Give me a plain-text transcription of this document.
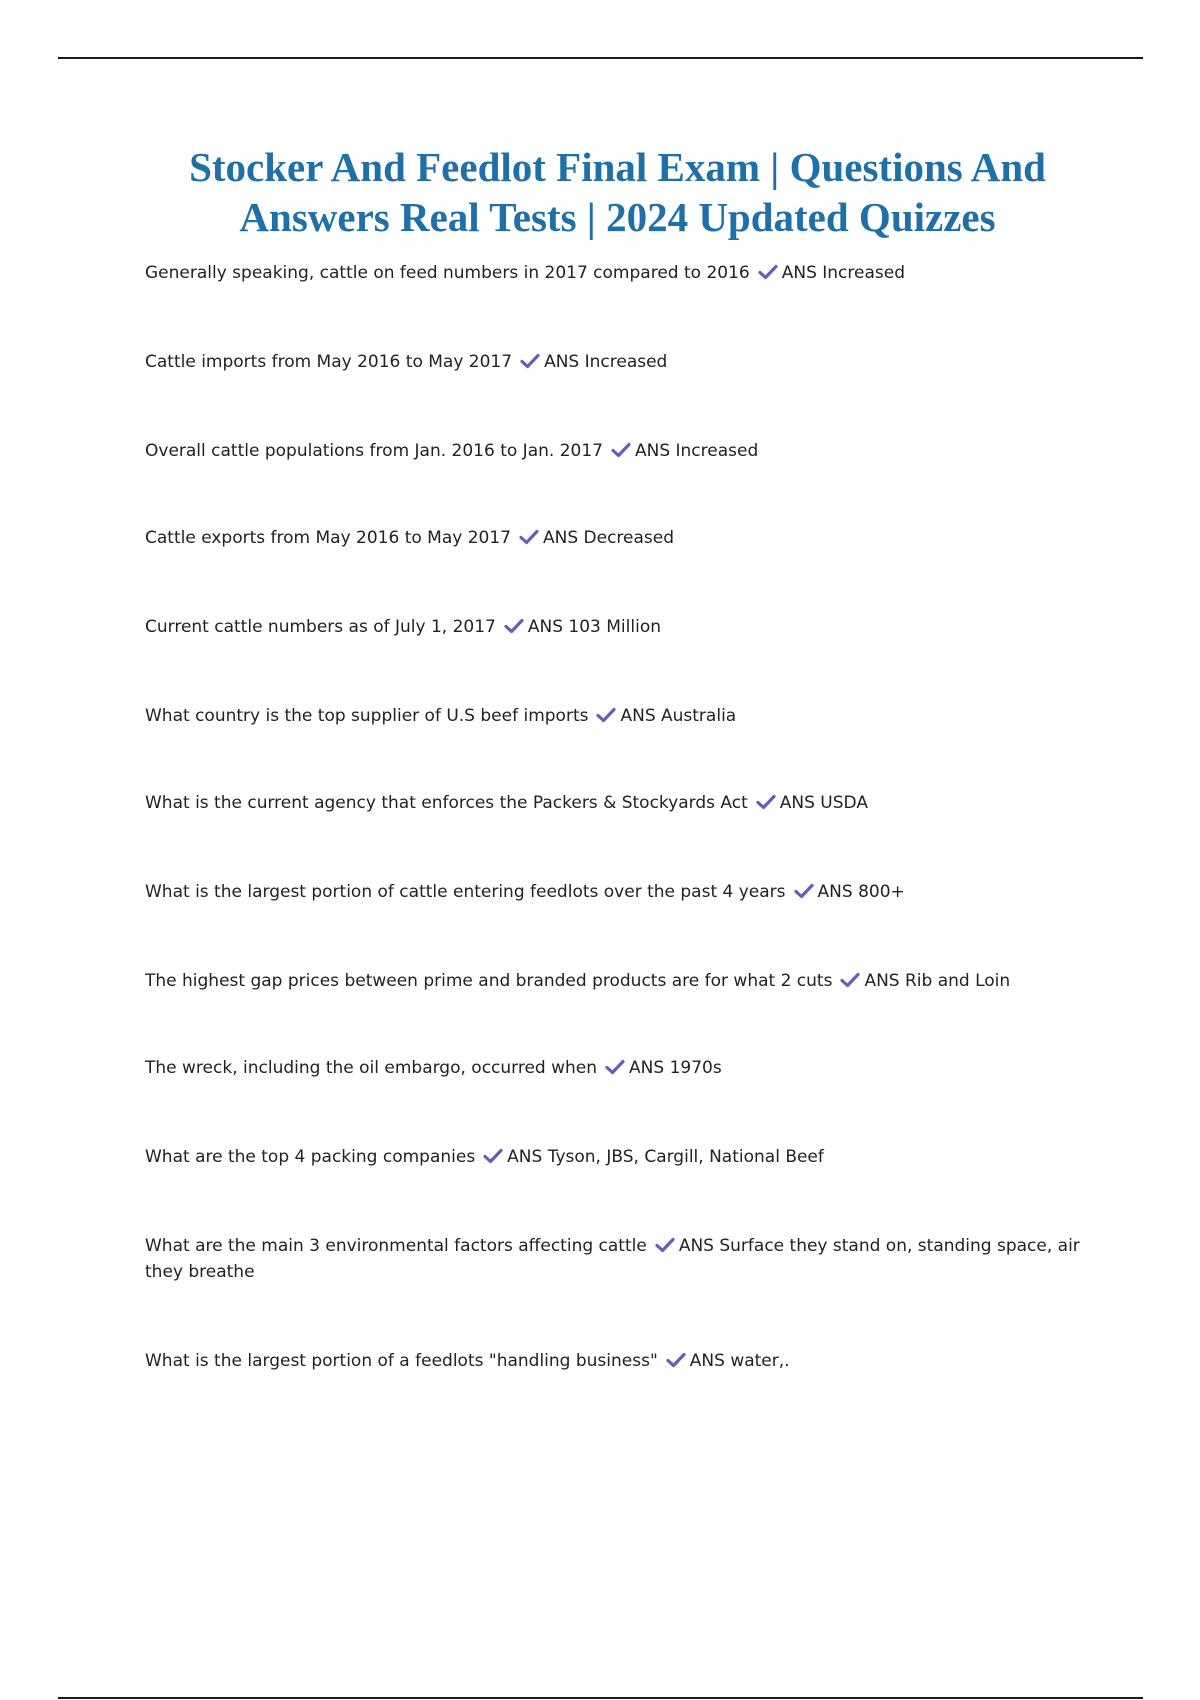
Stocker And Feedlot Final Exam | Questions And Answers Real Tests | 2024 Updated Quizzes
Generally speaking, cattle on feed numbers in 2017 compared to 2016 ANS Increased
Cattle imports from May 2016 to May 2017 ANS Increased
Overall cattle populations from Jan. 2016 to Jan. 2017 ANS Increased
Cattle exports from May 2016 to May 2017 ANS Decreased
Current cattle numbers as of July 1, 2017 ANS 103 Million
What country is the top supplier of U.S beef imports ANS Australia
What is the current agency that enforces the Packers & Stockyards Act ANS USDA
What is the largest portion of cattle entering feedlots over the past 4 years ANS 800+
The highest gap prices between prime and branded products are for what 2 cuts ANS Rib and Loin
The wreck, including the oil embargo, occurred when ANS 1970s
What are the top 4 packing companies ANS Tyson, JBS, Cargill, National Beef
What are the main 3 environmental factors affecting cattle ANS Surface they stand on, standing space, air they breathe
What is the largest portion of a feedlots "handling business" ANS water,.
